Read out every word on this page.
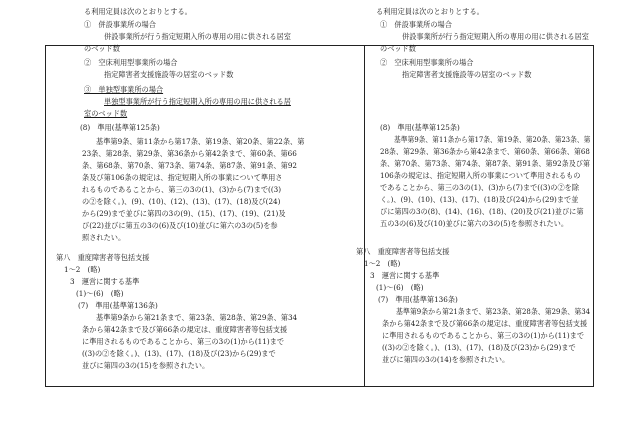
る利用定員は次のとおりとする。
①　併設事業所の場合
併設事業所が行う指定短期入所の専用の用に供される居室
のベッド数
②　空床利用型事業所の場合
指定障害者支援施設等の居室のベッド数
③　単独型事業所の場合
単独型事業所が行う指定短期入所の専用の用に供される居
室のベッド数
(8)　準用(基準第125条)
基準第9条、第11条から第17条、第19条、第20条、第22条、第
23条、第28条、第29条、第36条から第42条まで、第60条、第66
条、第68条、第70条、第73条、第74条、第87条、第91条、第92
条及び第106条の規定は、指定短期入所の事業について準用さ
れるものであることから、第三の3の(1)、(3)から(7)まで((3)
の②を除く。)、(9)、(10)、(12)、(13)、(17)、(18)及び(24)
から(29)まで並びに第四の3の(9)、(15)、(17)、(19)、(21)及
び(22)並びに第五の3の(6)及び(10)並びに第六の3の(5)を参
照されたい。
第八　重度障害者等包括支援
1～2　(略)
3　運営に関する基準
(1)～(6)　(略)
(7)　準用(基準第136条)
基準第9条から第21条まで、第23条、第28条、第29条、第34
条から第42条まで及び第66条の規定は、重度障害者等包括支援
に準用されるものであることから、第三の3の(1)から(11)まで
((3)の②を除く。)、(13)、(17)、(18)及び(23)から(29)まで
並びに第四の3の(15)を参照されたい。
る利用定員は次のとおりとする。
①　併設事業所の場合
併設事業所が行う指定短期入所の専用の用に供される居室
のベッド数
②　空床利用型事業所の場合
指定障害者支援施設等の居室のベッド数
(8)　準用(基準第125条)
基準第9条、第11条から第17条、第19条、第20条、第23条、第
28条、第29条、第36条から第42条まで、第60条、第66条、第68
条、第70条、第73条、第74条、第87条、第91条、第92条及び第
106条の規定は、指定短期入所の事業について準用されるもの
であることから、第三の3の(1)、(3)から(7)まで((3)の②を除
く。)、(9)、(10)、(13)、(17)、(18)及び(24)から(29)まで並
びに第四の3の(8)、(14)、(16)、(18)、(20)及び(21)並びに第
五の3の(6)及び(10)並びに第六の3の(5)を参照されたい。
第八　重度障害者等包括支援
1～2　(略)
3　運営に関する基準
(1)～(6)　(略)
(7)　準用(基準第136条)
基準第9条から第21条まで、第23条、第28条、第29条、第34
条から第42条まで及び第66条の規定は、重度障害者等包括支援
に準用されるものであることから、第三の3の(1)から(11)まで
((3)の②を除く。)、(13)、(17)、(18)及び(23)から(29)まで
並びに第四の3の(14)を参照されたい。
